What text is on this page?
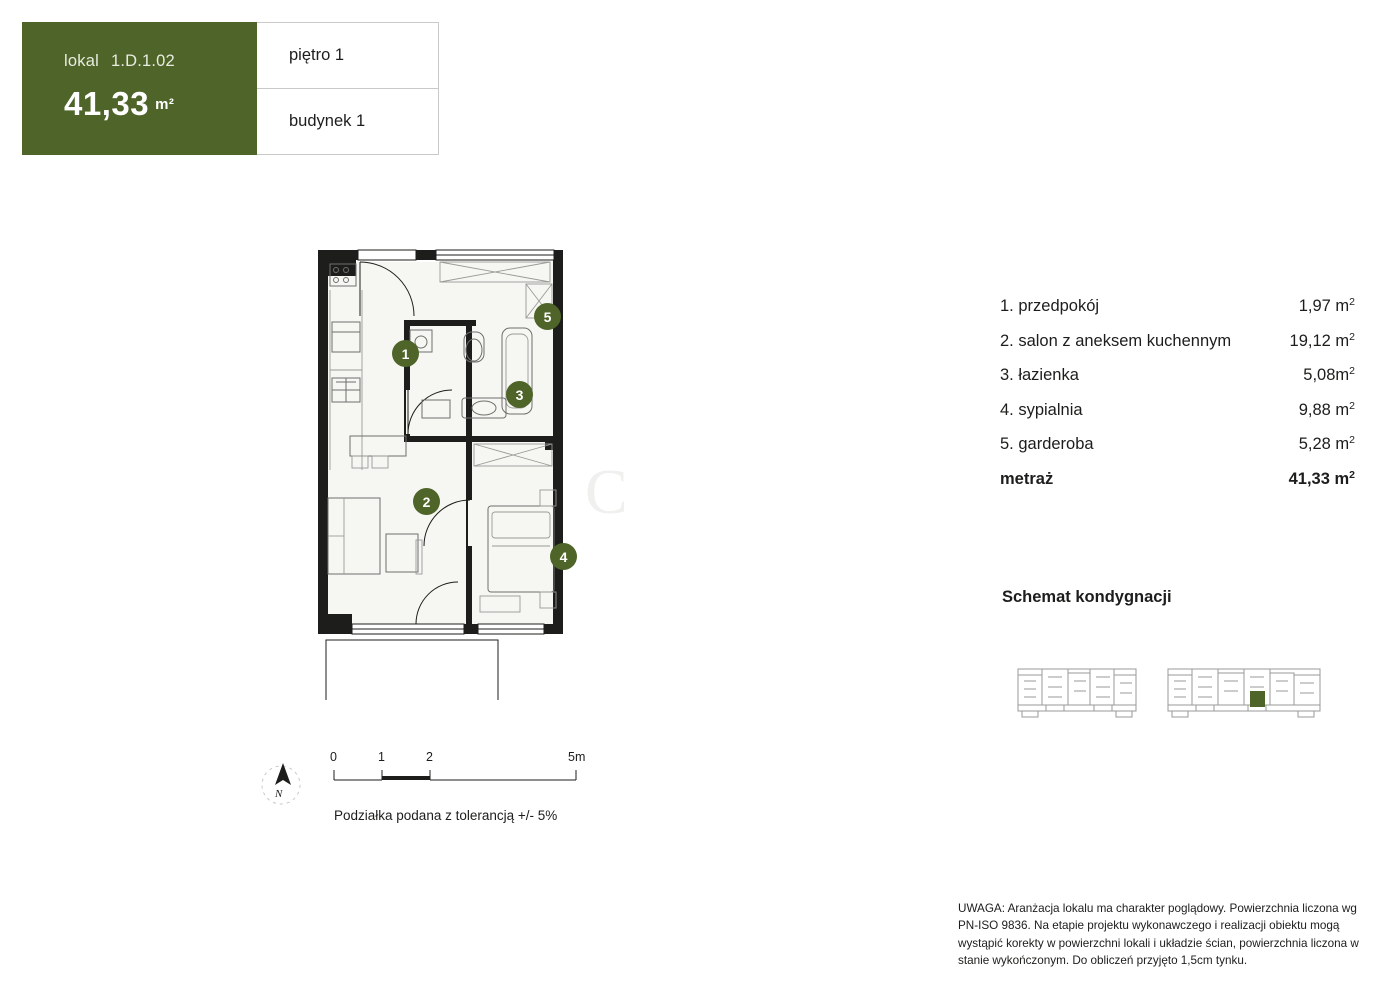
lokal 1.D.1.02
41,33 $^{m^2}$
piętro 1
budynek 1
C
1
2
3
4
5
N
0	1	2	5m
Podziałka podana z tolerancją +/- 5%
1. przedpokój	1,97 $m^2$
2. salon z aneksem kuchennym	19,12 $m^2$
3. łazienka	$5,08m^2$
4. sypialnia	9,88 $m^2$
5. garderoba	5,28 $m^2$
metraż	41,33 $m^2$
Schemat kondygnacji
UWAGA: Aranżacja lokalu ma charakter poglądowy. Powierzchnia liczona wg PN-ISO 9836. Na etapie projektu wykonawczego i realizacji obiektu mogą wystąpić korekty w powierzchni lokali i układzie ścian, powierzchnia liczona w stanie wykończonym. Do obliczeń przyjęto 1,5cm tynku.
